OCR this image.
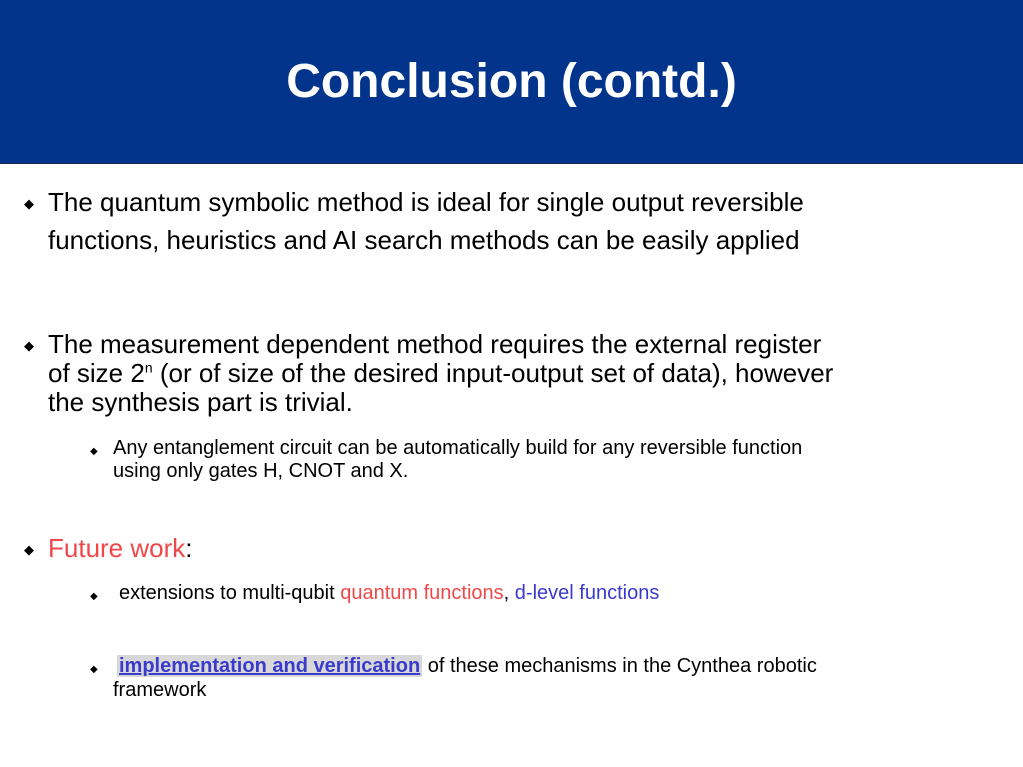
Conclusion (contd.)
◆ The quantum symbolic method is ideal for single output reversible
functions, heuristics and AI search methods can be easily applied
◆ The measurement dependent method requires the external register
of size 2$^n$ (or of size of the desired input-output set of data), however
the synthesis part is trivial.
◆ Any entanglement circuit can be automatically build for any reversible function
using only gates H, CNOT and X.
◆ Future work:
◆ extensions to multi-qubit quantum functions, d-level functions
◆ implementation and verification of these mechanisms in the Cynthea robotic
framework
